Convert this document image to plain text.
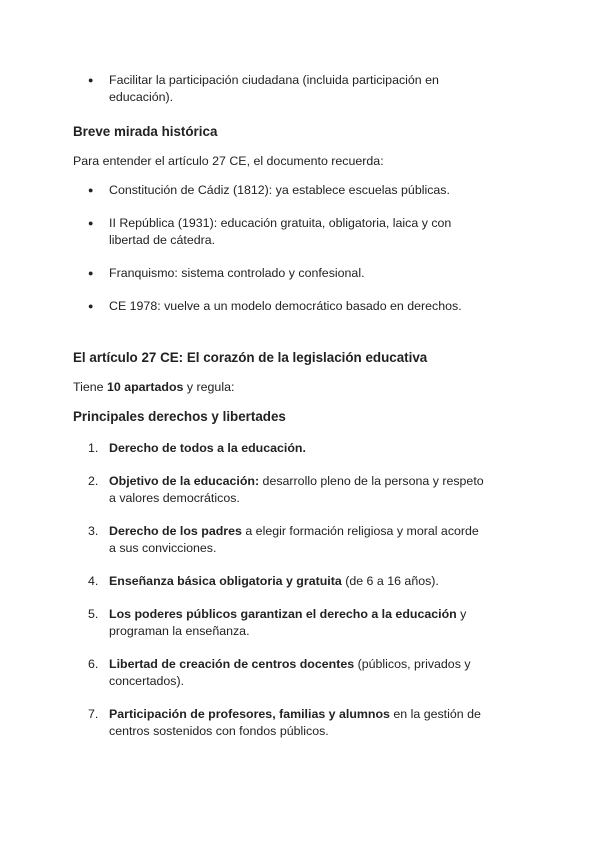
● Facilitar la participación ciudadana (incluida participación en educación).
Breve mirada histórica
Para entender el artículo 27 CE, el documento recuerda:
● Constitución de Cádiz (1812): ya establece escuelas públicas.
● II República (1931): educación gratuita, obligatoria, laica y con libertad de cátedra.
● Franquismo: sistema controlado y confesional.
● CE 1978: vuelve a un modelo democrático basado en derechos.
El artículo 27 CE: El corazón de la legislación educativa
Tiene 10 apartados y regula:
Principales derechos y libertades
1. Derecho de todos a la educación.
2. Objetivo de la educación: desarrollo pleno de la persona y respeto a valores democráticos.
3. Derecho de los padres a elegir formación religiosa y moral acorde a sus convicciones.
4. Enseñanza básica obligatoria y gratuita (de 6 a 16 años).
5. Los poderes públicos garantizan el derecho a la educación y programan la enseñanza.
6. Libertad de creación de centros docentes (públicos, privados y concertados).
7. Participación de profesores, familias y alumnos en la gestión de centros sostenidos con fondos públicos.
